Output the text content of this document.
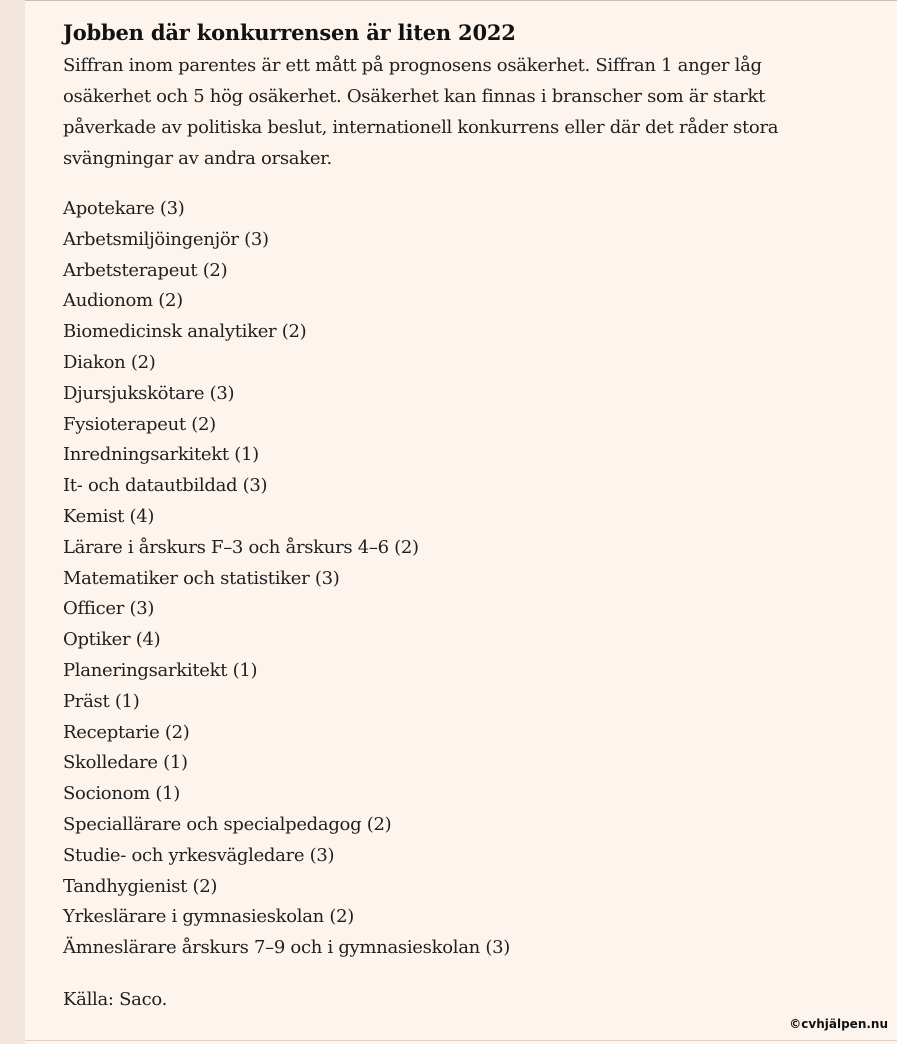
Jobben där konkurrensen är liten 2022

Siffran inom parentes är ett mått på prognosens osäkerhet. Siffran 1 anger låg osäkerhet och 5 hög osäkerhet. Osäkerhet kan finnas i branscher som är starkt påverkade av politiska beslut, internationell konkurrens eller där det råder stora svängningar av andra orsaker.

Apotekare (3)
Arbetsmiljöingenjör (3)
Arbetsterapeut (2)
Audionom (2)
Biomedicinsk analytiker (2)
Diakon (2)
Djursjukskötare (3)
Fysioterapeut (2)
Inredningsarkitekt (1)
It- och datautbildad (3)
Kemist (4)
Lärare i årskurs F–3 och årskurs 4–6 (2)
Matematiker och statistiker (3)
Officer (3)
Optiker (4)
Planeringsarkitekt (1)
Präst (1)
Receptarie (2)
Skolledare (1)
Socionom (1)
Speciallärare och specialpedagog (2)
Studie- och yrkesvägledare (3)
Tandhygienist (2)
Yrkeslärare i gymnasieskolan (2)
Ämneslärare årskurs 7–9 och i gymnasieskolan (3)

Källa: Saco.

©cvhjälpen.nu
